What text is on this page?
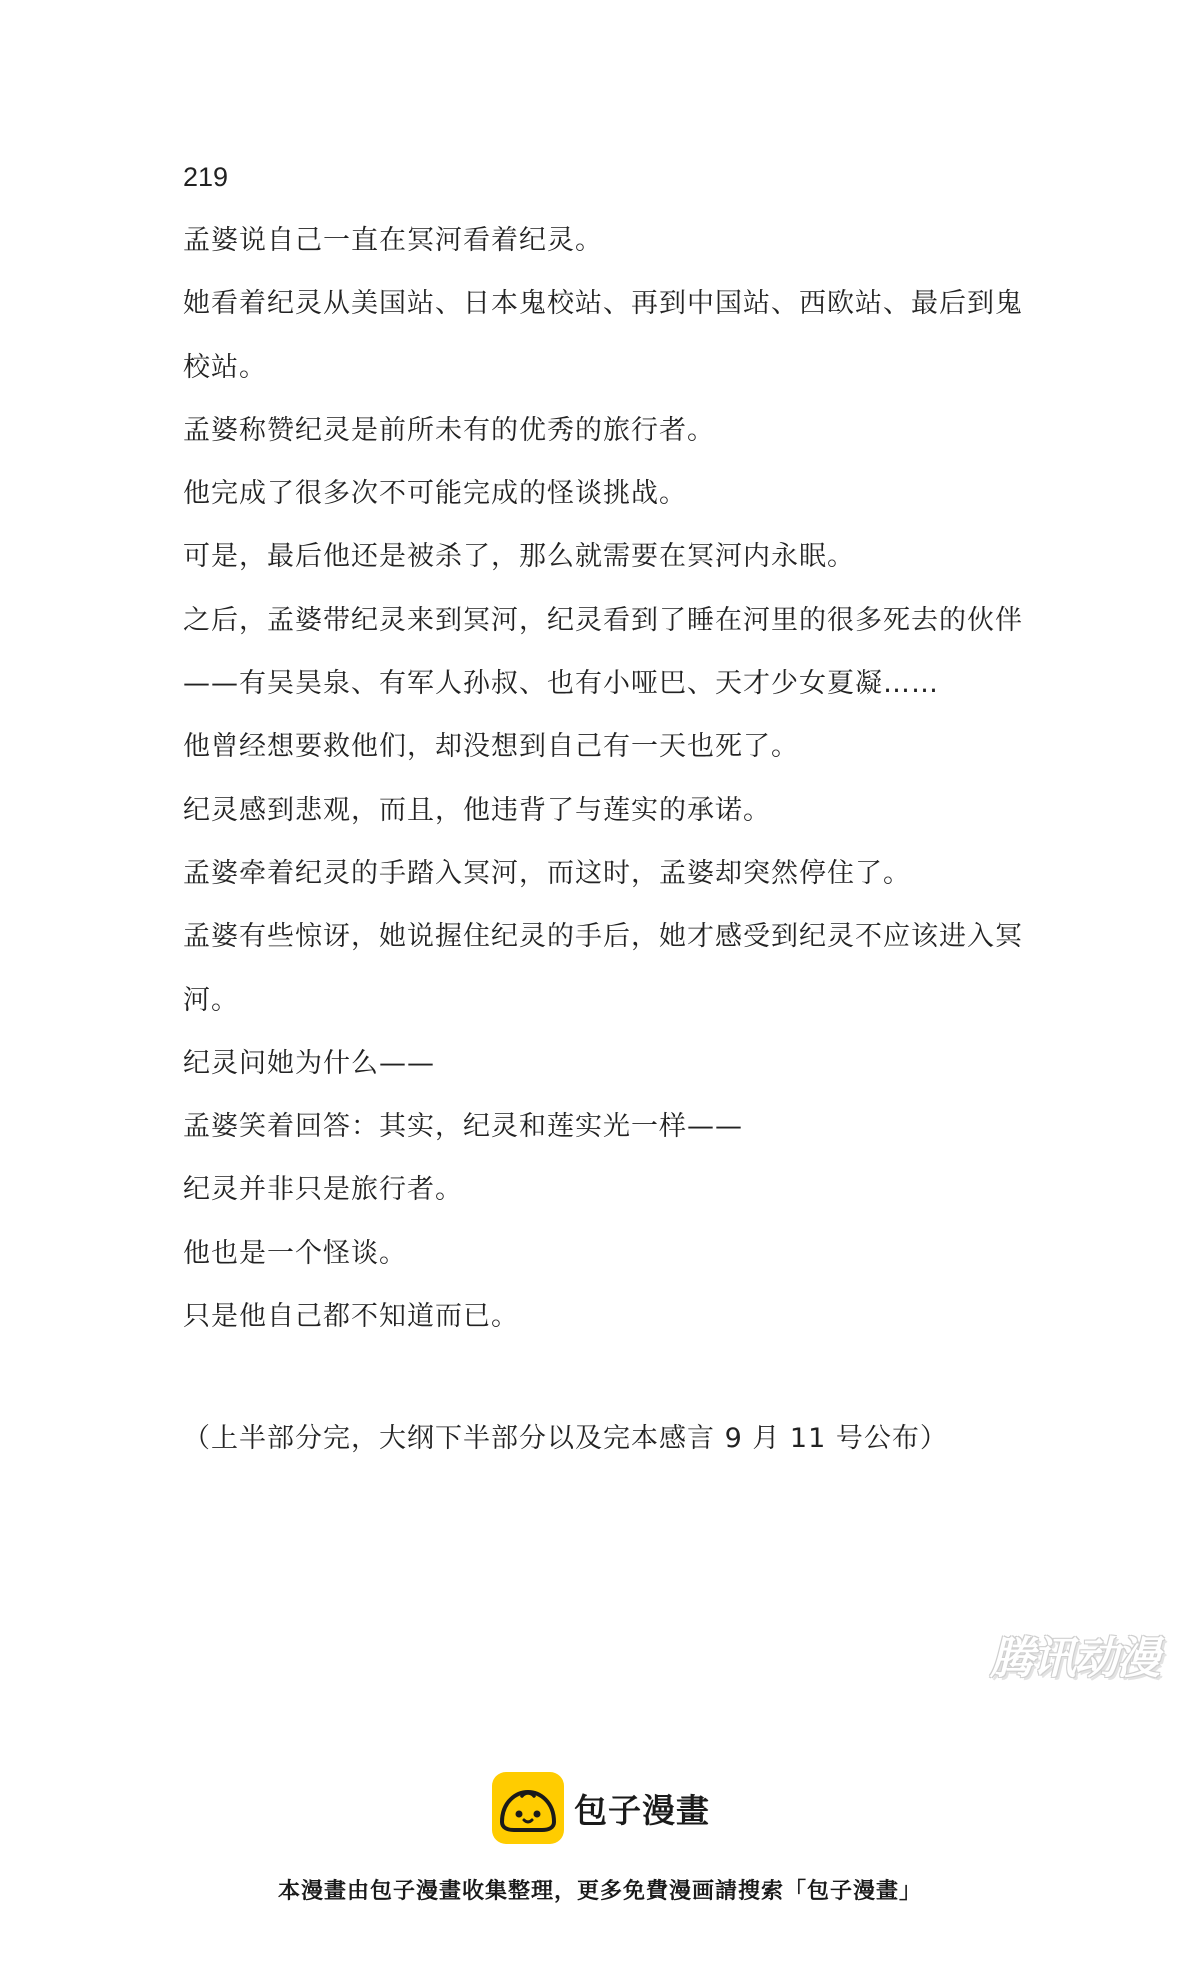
219
孟婆说自己一直在冥河看着纪灵。
她看着纪灵从美国站、日本鬼校站、再到中国站、西欧站、最后到鬼
校站。
孟婆称赞纪灵是前所未有的优秀的旅行者。
他完成了很多次不可能完成的怪谈挑战。
可是，最后他还是被杀了，那么就需要在冥河内永眠。
之后，孟婆带纪灵来到冥河，纪灵看到了睡在河里的很多死去的伙伴
——有吴昊泉、有军人孙叔、也有小哑巴、天才少女夏凝……
他曾经想要救他们，却没想到自己有一天也死了。
纪灵感到悲观，而且，他违背了与莲实的承诺。
孟婆牵着纪灵的手踏入冥河，而这时，孟婆却突然停住了。
孟婆有些惊讶，她说握住纪灵的手后，她才感受到纪灵不应该进入冥
河。
纪灵问她为什么——
孟婆笑着回答：其实，纪灵和莲实光一样——
纪灵并非只是旅行者。
他也是一个怪谈。
只是他自己都不知道而已。
（上半部分完，大纲下半部分以及完本感言 9 月 11 号公布）
腾讯动漫
包子漫畫
本漫畫由包子漫畫收集整理，更多免費漫画請搜索「包子漫畫」
